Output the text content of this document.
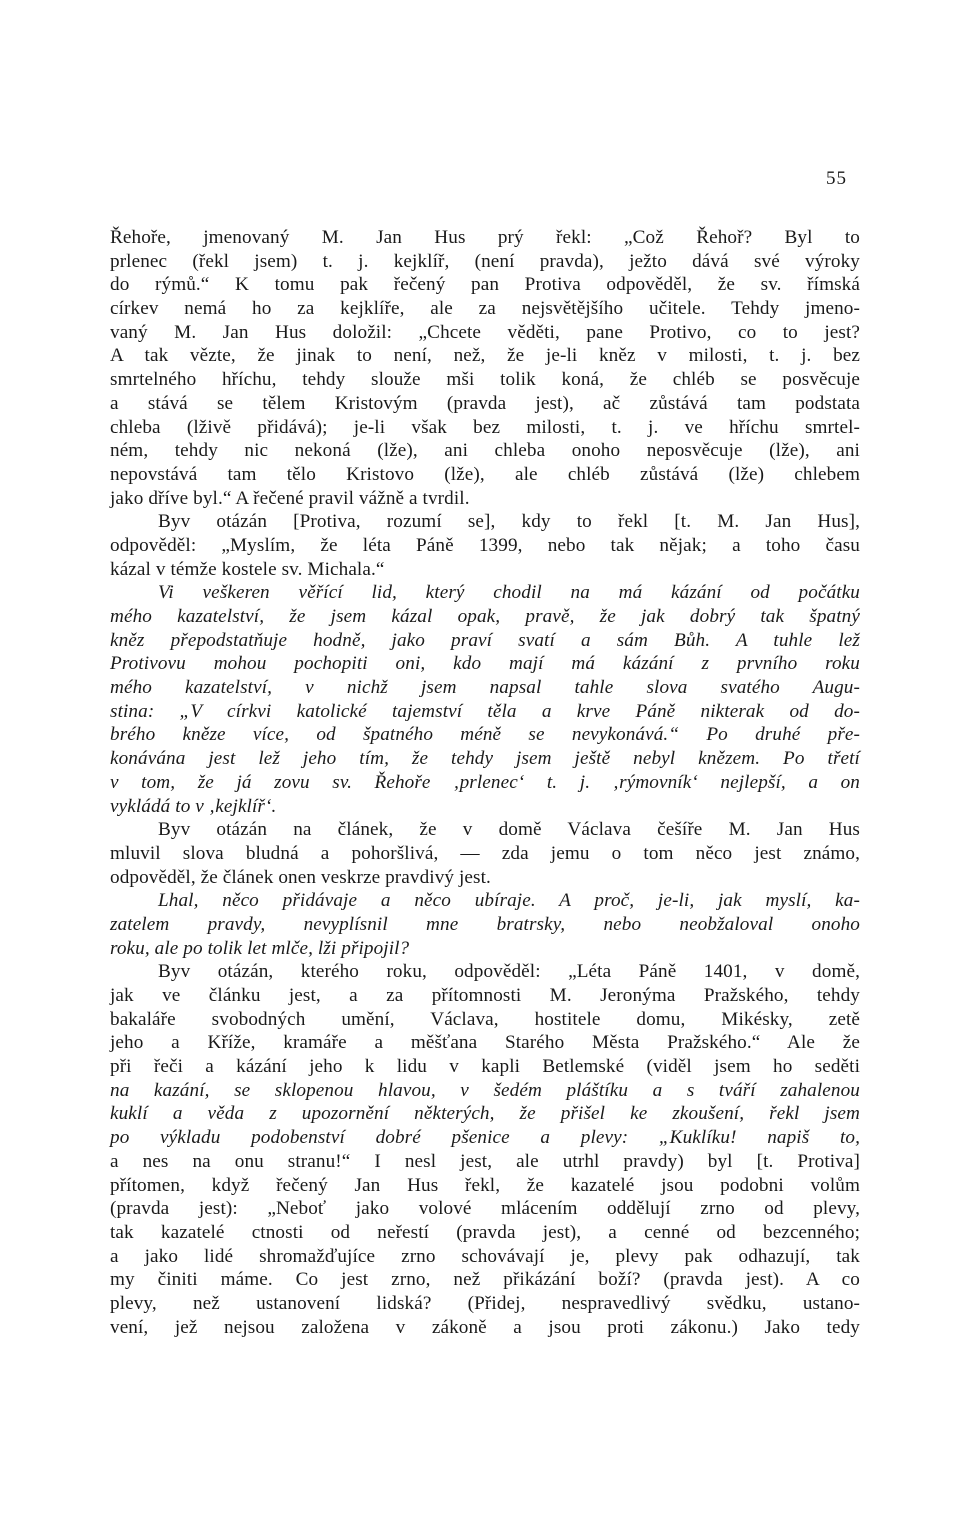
55
Řehoře, jmenovaný M. Jan Hus prý řekl: „Což Řehoř? Byl to
prlenec (řekl jsem) t. j. kejklíř, (není pravda), ježto dává své výroky
do rýmů.“ K tomu pak řečený pan Protiva odpověděl, že sv. římská
církev nemá ho za kejklíře, ale za nejsvětějšího učitele. Tehdy jmeno-
vaný M. Jan Hus doložil: „Chcete věděti, pane Protivo, co to jest?
A tak vězte, že jinak to není, než, že je-li kněz v milosti, t. j. bez
smrtelného hříchu, tehdy slouže mši tolik koná, že chléb se posvěcuje
a stává se tělem Kristovým (pravda jest), ač zůstává tam podstata
chleba (lživě přidává); je-li však bez milosti, t. j. ve hříchu smrtel-
ném, tehdy nic nekoná (lže), ani chleba onoho neposvěcuje (lže), ani
nepovstává tam tělo Kristovo (lže), ale chléb zůstává (lže) chlebem
jako dříve byl.“ A řečené pravil vážně a tvrdil.
Byv otázán [Protiva, rozumí se], kdy to řekl [t. M. Jan Hus],
odpověděl: „Myslím, že léta Páně 1399, nebo tak nějak; a toho času
kázal v témže kostele sv. Michala.“
Vi veškeren věřící lid, který chodil na má kázání od počátku
mého kazatelství, že jsem kázal opak, pravě, že jak dobrý tak špatný
kněz přepodstatňuje hodně, jako praví svatí a sám Bůh. A tuhle lež
Protivovu mohou pochopiti oni, kdo mají má kázání z prvního roku
mého kazatelství, v nichž jsem napsal tahle slova svatého Augu-
stina: „V církvi katolické tajemství těla a krve Páně nikterak od do-
brého kněze více, od špatného méně se nevykonává.“ Po druhé pře-
konávána jest lež jeho tím, že tehdy jsem ještě nebyl knězem. Po třetí
v tom, že já zovu sv. Řehoře ‚prlenec‘ t. j. ‚rýmovník‘ nejlepší, a on
vykládá to v ‚kejklíř‘.
Byv otázán na článek, že v domě Václava češíře M. Jan Hus
mluvil slova bludná a pohoršlivá, — zda jemu o tom něco jest známo,
odpověděl, že článek onen veskrze pravdivý jest.
Lhal, něco přidávaje a něco ubíraje. A proč, je-li, jak myslí, ka-
zatelem pravdy, nevyplísnil mne bratrsky, nebo neobžaloval onoho
roku, ale po tolik let mlče, lži připojil?
Byv otázán, kterého roku, odpověděl: „Léta Páně 1401, v domě,
jak ve článku jest, a za přítomnosti M. Jeronýma Pražského, tehdy
bakaláře svobodných umění, Václava, hostitele domu, Mikésky, zetě
jeho a Kříže, kramáře a měšťana Starého Města Pražského.“ Ale že
při řeči a kázání jeho k lidu v kapli Betlemské (viděl jsem ho seděti
na kazání, se sklopenou hlavou, v šedém pláštíku a s tváří zahalenou
kuklí a věda z upozornění některých, že přišel ke zkoušení, řekl jsem
po výkladu podobenství dobré pšenice a plevy: „Kuklíku! napiš to,
a nes na onu stranu!“ I nesl jest, ale utrhl pravdy) byl [t. Protiva]
přítomen, když řečený Jan Hus řekl, že kazatelé jsou podobni volům
(pravda jest): „Neboť jako volové mlácením oddělují zrno od plevy,
tak kazatelé ctnosti od neřestí (pravda jest), a cenné od bezcenného;
a jako lidé shromažďujíce zrno schovávají je, plevy pak odhazují, tak
my činiti máme. Co jest zrno, než přikázání boží? (pravda jest). A co
plevy, než ustanovení lidská? (Přidej, nespravedlivý svědku, ustano-
vení, jež nejsou založena v zákoně a jsou proti zákonu.) Jako tedy
